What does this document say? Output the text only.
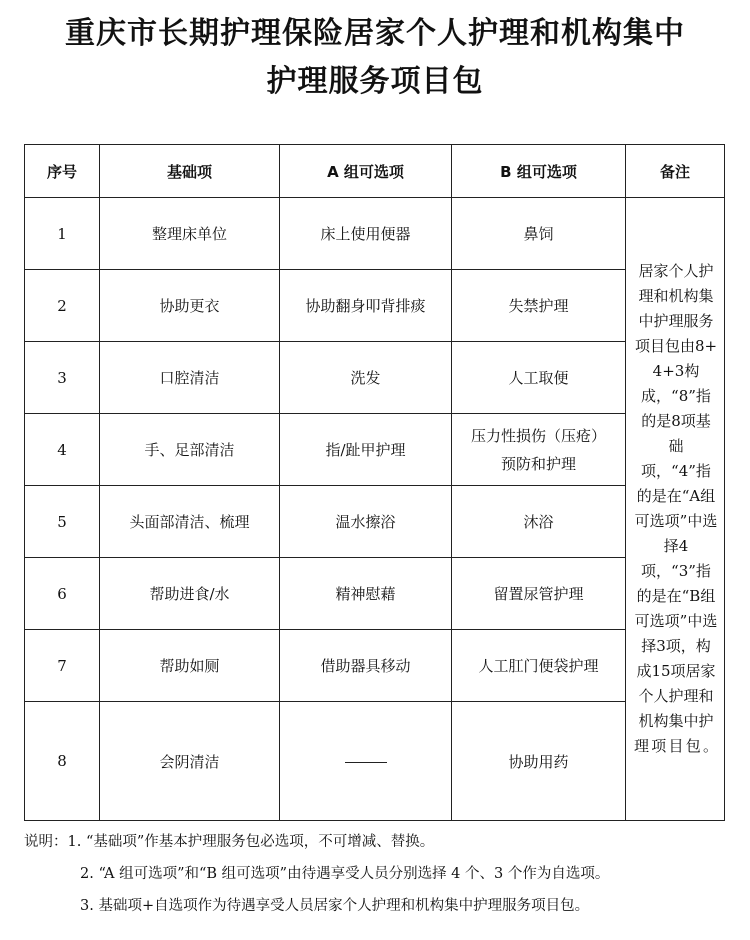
重庆市长期护理保险居家个人护理和机构集中
护理服务项目包
序号	基础项	A 组可选项	B 组可选项	备注
1	整理床单位	床上使用便器	鼻饲	居家个人护理和机构集中护理服务项目包由8+4+3构成，“8”指的是8项基础项，“4”指的是在“A组可选项”中选择4项，“3”指的是在“B组可选项”中选择3项，构成15项居家个人护理和机构集中护理项目包。
2	协助更衣	协助翻身叩背排痰	失禁护理	
3	口腔清洁	洗发	人工取便	
4	手、足部清洁	指/趾甲护理	压力性损伤（压疮）
预防和护理	

5	头面部清洁、梳理	温水擦浴	沐浴	
6	帮助进食/水	精神慰藉	留置尿管护理	
7	帮助如厕	借助器具移动	人工肛门便袋护理	
8	会阴清洁		协助用药	
说明：1. “基础项”作基本护理服务包必选项，不可增减、替换。
2. “A 组可选项”和“B 组可选项”由待遇享受人员分别选择 4 个、3 个作为自选项。
3. 基础项+自选项作为待遇享受人员居家个人护理和机构集中护理服务项目包。
